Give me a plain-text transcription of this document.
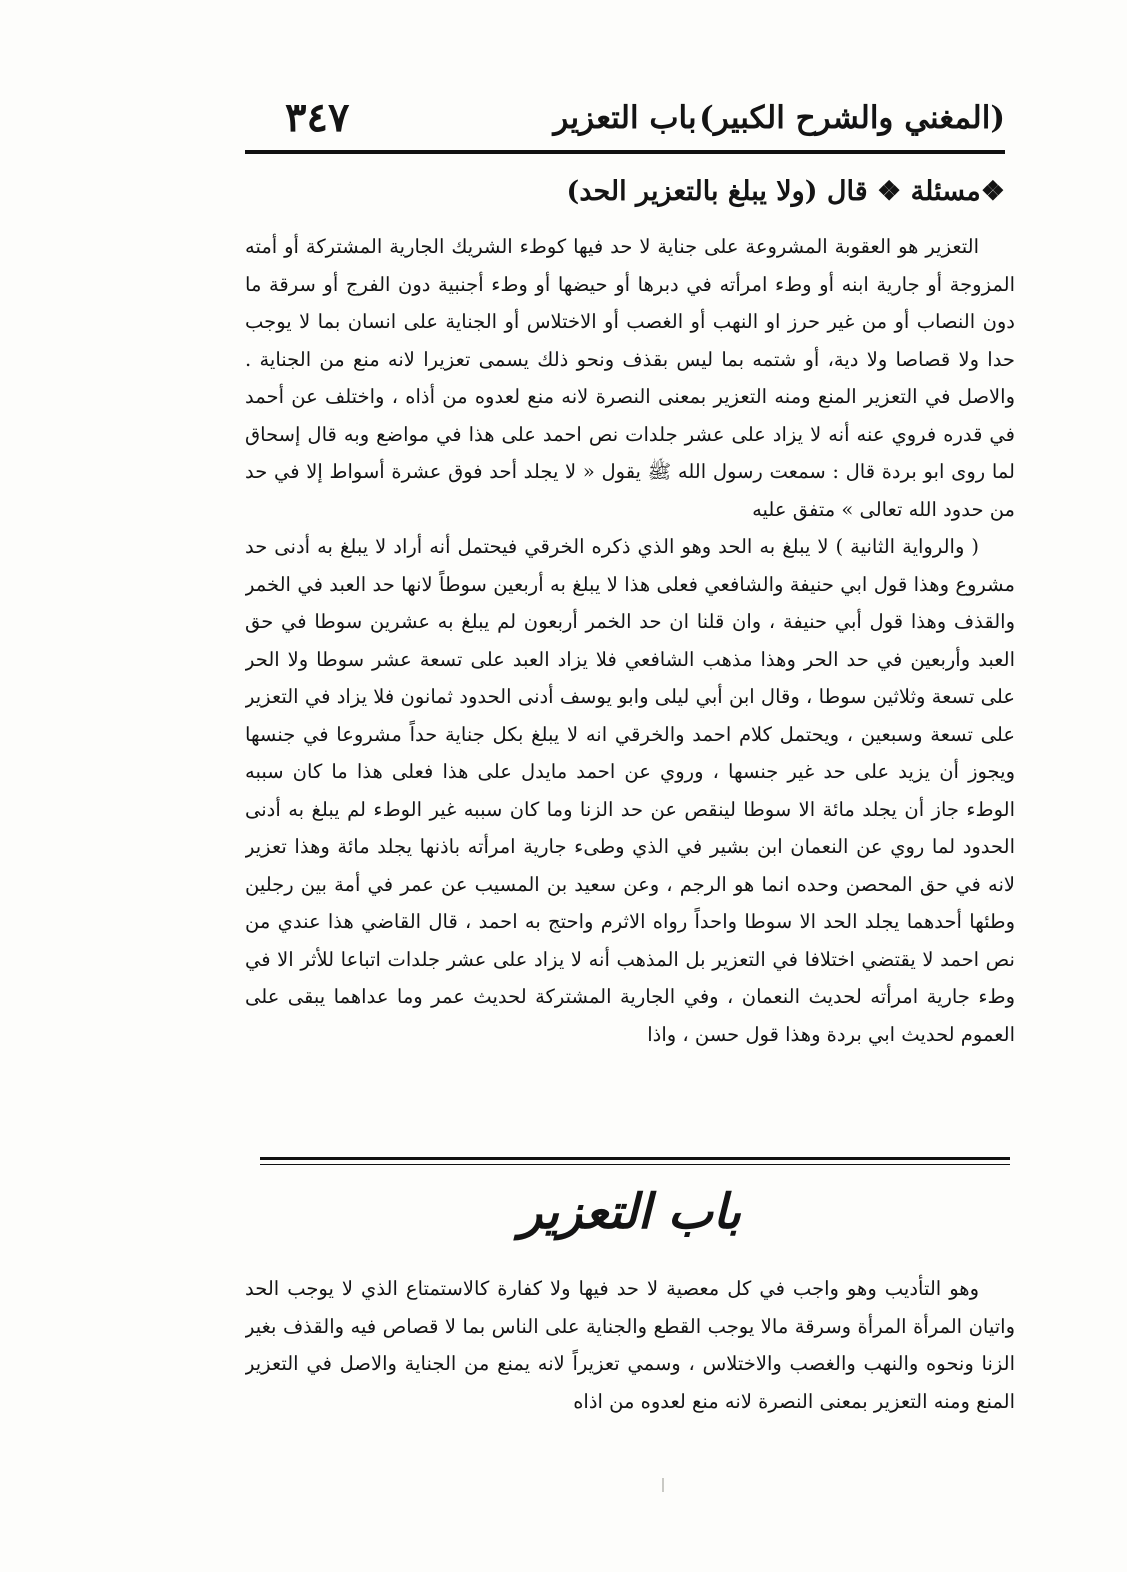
(المغني والشرح الكبير)
باب التعزير
٣٤٧
❖ مسئلة ❖ قال (ولا يبلغ بالتعزير الحد)

التعزير هو العقوبة المشروعة على جناية لا حد فيها كوطء الشريك الجارية المشتركة أو أمته المزوجة أو جارية ابنه أو وطء امرأته في دبرها أو حيضها أو وطء أجنبية دون الفرج أو سرقة ما دون النصاب أو من غير حرز او النهب أو الغصب أو الاختلاس أو الجناية على انسان بما لا يوجب حدا ولا قصاصا ولا دية، أو شتمه بما ليس بقذف ونحو ذلك يسمى تعزيرا لانه منع من الجناية . والاصل في التعزير المنع ومنه التعزير بمعنى النصرة لانه منع لعدوه من أذاه ، واختلف عن أحمد في قدره فروي عنه أنه لا يزاد على عشر جلدات نص احمد على هذا في مواضع وبه قال إسحاق لما روى ابو بردة قال : سمعت رسول الله ﷺ يقول « لا يجلد أحد فوق عشرة أسواط إلا في حد من حدود الله تعالى » متفق عليه

( والرواية الثانية ) لا يبلغ به الحد وهو الذي ذكره الخرقي فيحتمل أنه أراد لا يبلغ به أدنى حد مشروع وهذا قول ابي حنيفة والشافعي فعلى هذا لا يبلغ به أربعين سوطاً لانها حد العبد في الخمر والقذف وهذا قول أبي حنيفة ، وان قلنا ان حد الخمر أربعون لم يبلغ به عشرين سوطا في حق العبد وأربعين في حد الحر وهذا مذهب الشافعي فلا يزاد العبد على تسعة عشر سوطا ولا الحر على تسعة وثلاثين سوطا ، وقال ابن أبي ليلى وابو يوسف أدنى الحدود ثمانون فلا يزاد في التعزير على تسعة وسبعين ، ويحتمل كلام احمد والخرقي انه لا يبلغ بكل جناية حداً مشروعا في جنسها ويجوز أن يزيد على حد غير جنسها ، وروي عن احمد مايدل على هذا فعلى هذا ما كان سببه الوطء جاز أن يجلد مائة الا سوطا لينقص عن حد الزنا وما كان سببه غير الوطء لم يبلغ به أدنى الحدود لما روي عن النعمان ابن بشير في الذي وطىء جارية امرأته باذنها يجلد مائة وهذا تعزير لانه في حق المحصن وحده انما هو الرجم ، وعن سعيد بن المسيب عن عمر في أمة بين رجلين وطئها أحدهما يجلد الحد الا سوطا واحداً رواه الاثرم واحتج به احمد ، قال القاضي هذا عندي من نص احمد لا يقتضي اختلافا في التعزير بل المذهب أنه لا يزاد على عشر جلدات اتباعا للأثر الا في وطء جارية امرأته لحديث النعمان ، وفي الجارية المشتركة لحديث عمر وما عداهما يبقى على العموم لحديث ابي بردة وهذا قول حسن ، واذا

باب التعزير

وهو التأديب وهو واجب في كل معصية لا حد فيها ولا كفارة كالاستمتاع الذي لا يوجب الحد واتيان المرأة المرأة وسرقة مالا يوجب القطع والجناية على الناس بما لا قصاص فيه والقذف بغير الزنا ونحوه والنهب والغصب والاختلاس ، وسمي تعزيراً لانه يمنع من الجناية والاصل في التعزير المنع ومنه التعزير بمعنى النصرة لانه منع لعدوه من اذاه
